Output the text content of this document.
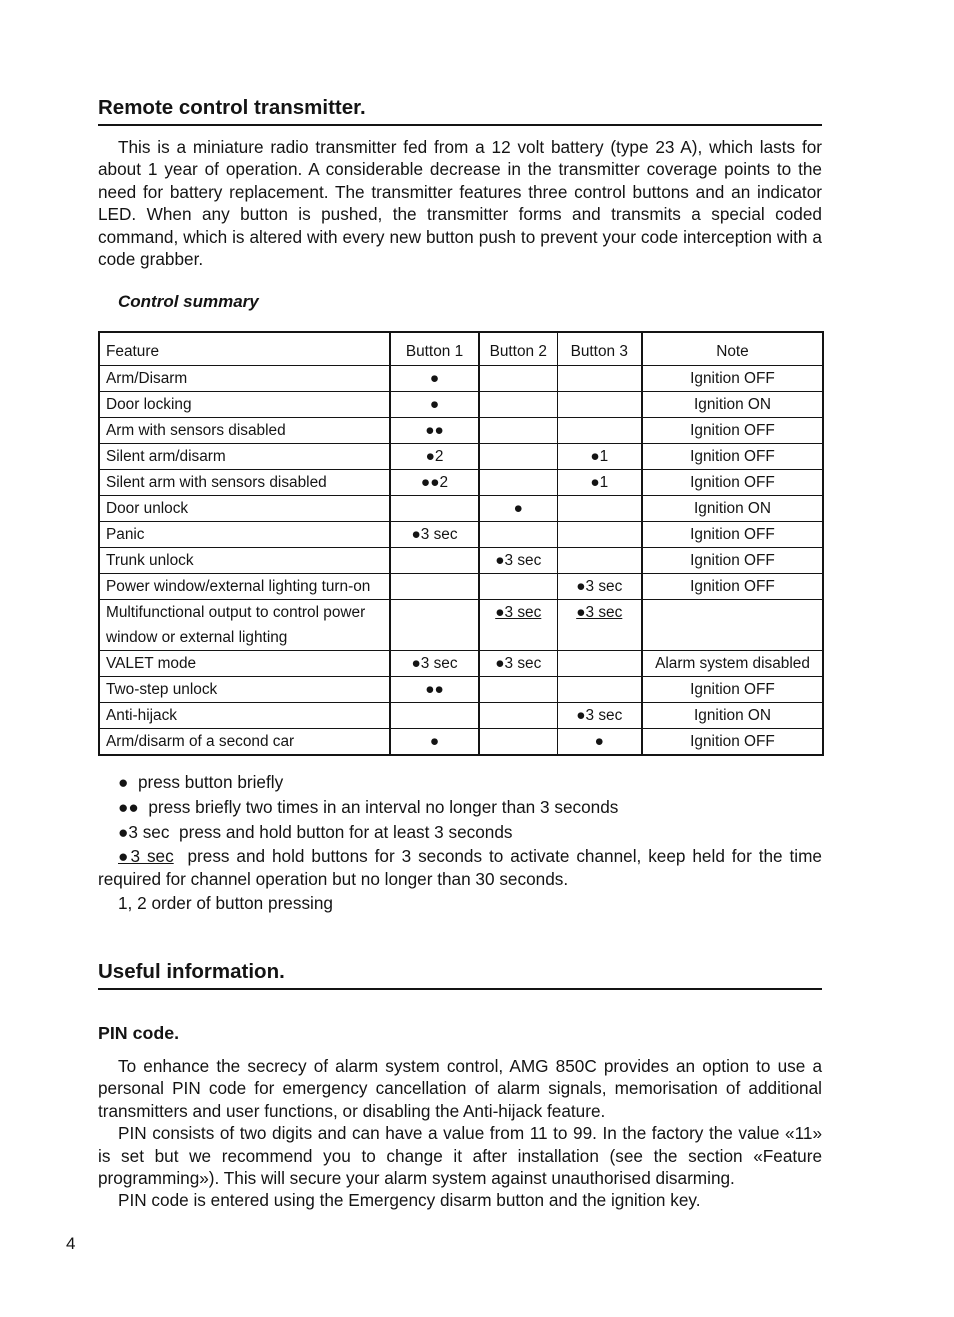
Remote control transmitter.

This is a miniature radio transmitter fed from a 12 volt battery (type 23 A), which lasts for about 1 year of operation. A considerable decrease in the transmitter coverage points to the need for battery replacement. The transmitter features three control buttons and an indicator LED. When any button is pushed, the transmitter forms and transmits a special coded command, which is altered with every new button push to prevent your code interception with a code grabber.

Control summary
Feature	Button 1	Button 2	Button 3	Note
Arm/Disarm	●			Ignition OFF
Door locking	●			Ignition ON
Arm with sensors disabled	●●			Ignition OFF
Silent arm/disarm	●2		●1	Ignition OFF
Silent arm with sensors disabled	●●2		●1	Ignition OFF
Door unlock		●		Ignition ON
Panic	●3 sec			Ignition OFF
Trunk unlock		●3 sec		Ignition OFF
Power window/external lighting turn-on			●3 sec	Ignition OFF
Multifunctional output to control power window or external lighting		●3 sec	●3 sec	
VALET mode	●3 sec	●3 sec		Alarm system disabled
Two-step unlock	●●			Ignition OFF
Anti-hijack			●3 sec	Ignition ON
Arm/disarm of a second car	●		●	Ignition OFF
● press button briefly
●● press briefly two times in an interval no longer than 3 seconds
●3 sec press and hold button for at least 3 seconds
●3 sec press and hold buttons for 3 seconds to activate channel, keep held for the time required for channel operation but no longer than 30 seconds.
1, 2 order of button pressing
Useful information.
PIN code.

To enhance the secrecy of alarm system control, AMG 850C provides an option to use a personal PIN code for emergency cancellation of alarm signals, memorisation of additional transmitters and user functions, or disabling the Anti-hijack feature.

PIN consists of two digits and can have a value from 11 to 99. In the factory the value «11» is set but we recommend you to change it after installation (see the section «Feature programming»). This will secure your alarm system against unauthorised disarming.

PIN code is entered using the Emergency disarm button and the ignition key.

4
